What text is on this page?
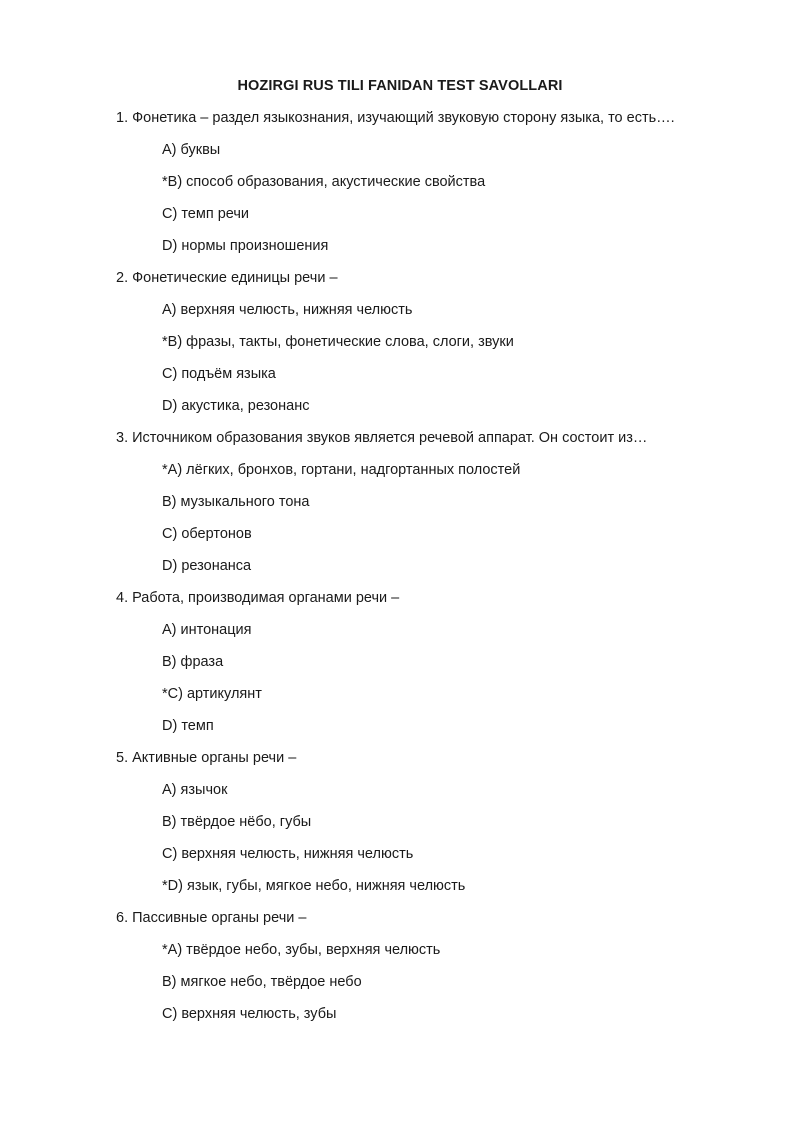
HOZIRGI RUS TILI FANIDAN TEST SAVOLLARI
1. Фонетика – раздел языкознания, изучающий звуковую сторону языка, то есть….
A) буквы
*B) способ образования, акустические свойства
C) темп речи
D) нормы произношения
2. Фонетические единицы речи –
A) верхняя челюсть, нижняя челюсть
*B) фразы, такты, фонетические слова, слоги, звуки
C) подъём языка
D) акустика, резонанс
3. Источником образования звуков является речевой аппарат. Он состоит из…
*A) лёгких, бронхов, гортани, надгортанных полостей
B) музыкального тона
C) обертонов
D) резонанса
4. Работа, производимая органами речи –
A) интонация
B) фраза
*C) артикулянт
D) темп
5. Активные органы речи –
A) язычок
B) твёрдое нёбо, губы
C) верхняя челюсть, нижняя челюсть
*D) язык, губы, мягкое небо, нижняя челюсть
6. Пассивные органы речи –
*A) твёрдое небо, зубы, верхняя челюсть
B) мягкое небо, твёрдое небо
C) верхняя челюсть, зубы
